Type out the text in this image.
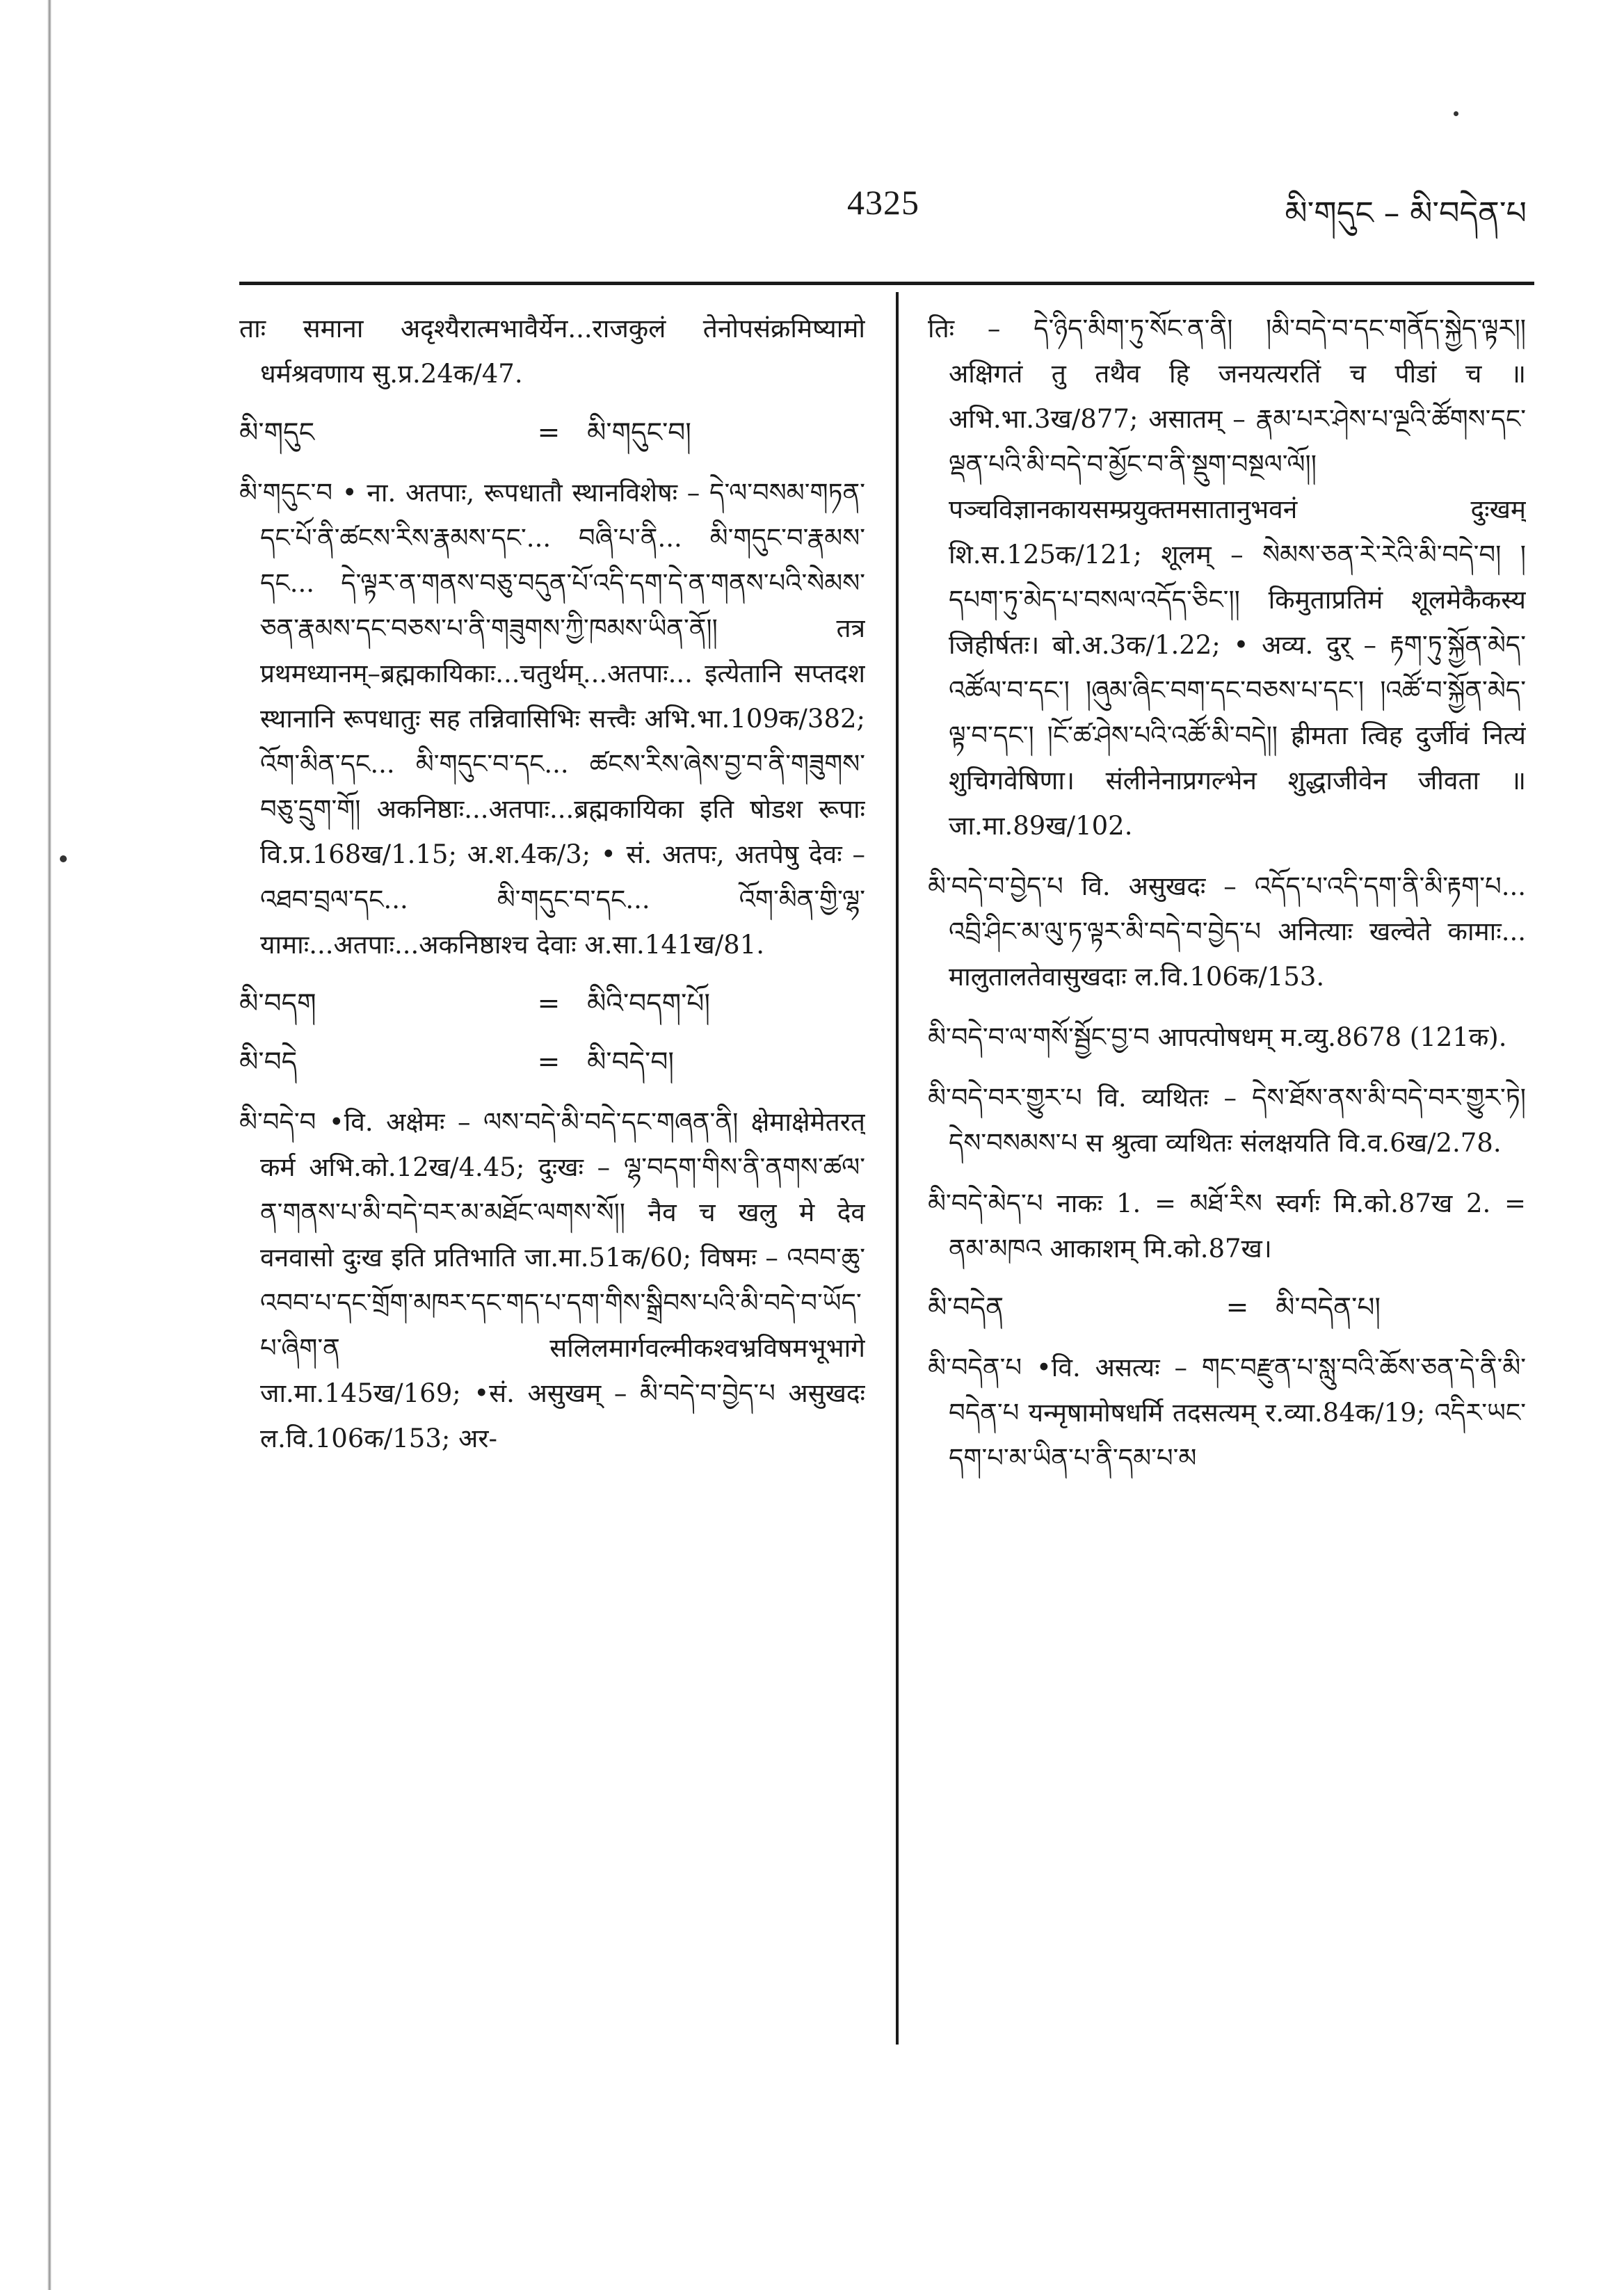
4325	མི་གདུང – མི་བདེན་པ

ताः समाना अदृश्यैरात्मभावैर्येन...राजकुलं तेनोपसंक्रमिष्यामो धर्मश्रवणाय सु.प्र.24क/47.

མི་གདུང	= མི་གདུང་བ།

མི་གདུང་བ • ना. अतपाः, रूपधातौ स्थानविशेषः – དེ་ལ་བསམ་གཏན་དང་པོ་ནི་ཚངས་རིས་རྣམས་དང་... བཞི་པ་ནི... མི་གདུང་བ་རྣམས་དང... དེ་ལྟར་ན་གནས་བཅུ་བདུན་པོ་འདི་དག་དེ་ན་གནས་པའི་སེམས་ཅན་རྣམས་དང་བཅས་པ་ནི་གཟུགས་ཀྱི་ཁམས་ཡིན་ནོ།། तत्र प्रथमध्यानम्–ब्रह्मकायिकाः...चतुर्थम्...अतपाः... इत्येतानि सप्तदश स्थानानि रूपधातुः सह तन्निवासिभिः सत्त्वैः अभि.भा.109क/382; འོག་མིན་དང... མི་གདུང་བ་དང... ཚངས་རིས་ཞེས་བྱ་བ་ནི་གཟུགས་བཅུ་དྲུག་གོ། अकनिष्ठाः...अतपाः...ब्रह्मकायिका इति षोडश रूपाः वि.प्र.168ख/1.15; अ.श.4क/3; • सं. अतपः, अतपेषु देवः – འཐབ་བྲལ་དང... མི་གདུང་བ་དང... འོག་མིན་གྱི་ལྷ་ यामाः...अतपाः...अकनिष्ठाश्च देवाः अ.सा.141ख/81.

མི་བདག	= མིའི་བདག་པོ།
མི་བདེ	= མི་བདེ་བ།

མི་བདེ་བ •वि. अक्षेमः – ལས་བདེ་མི་བདེ་དང་གཞན་ནི། क्षेमाक्षेमेतरत् कर्म अभि.को.12ख/4.45; दुःखः – ལྷ་བདག་གིས་ནི་ནགས་ཚལ་ན་གནས་པ་མི་བདེ་བར་མ་མཐོང་ལགས་སོ།། नैव च खलु मे देव वनवासो दुःख इति प्रतिभाति जा.मा.51क/60; विषमः – འབབ་ཆུ་འབབ་པ་དང་གྲོག་མཁར་དང་གད་པ་དག་གིས་སྒྲིབས་པའི་མི་བདེ་བ་ཡོད་པ་ཞིག་ན सलिलमार्गवल्मीकश्वभ्रविषमभूभागे जा.मा.145ख/169; •सं. असुखम् – མི་བདེ་བ་བྱེད་པ असुखदः ल.वि.106क/153; अर-

तिः – དེ་ཉིད་མིག་ཏུ་སོང་ན་ནི། །མི་བདེ་བ་དང་གནོད་སྐྱེད་ལྟར།། अक्षिगतं तु तथैव हि जनयत्यरतिं च पीडां च ॥ अभि.भा.3ख/877; असातम् – རྣམ་པར་ཤེས་པ་ལྔའི་ཚོགས་དང་ལྡན་པའི་མི་བདེ་བ་མྱོང་བ་ནི་སྡུག་བསྔལ་ལོ།། पञ्चविज्ञानकायसम्प्रयुक्तमसातानुभवनं दुःखम् शि.स.125क/121; शूलम् – སེམས་ཅན་རེ་རེའི་མི་བདེ་བ། །དཔག་ཏུ་མེད་པ་བསལ་འདོད་ཅིང་།། किमुताप्रतिमं शूलमेकैकस्य जिहीर्षतः। बो.अ.3क/1.22; • अव्य. दुर् – རྟག་ཏུ་སྐྱོན་མེད་འཚོལ་བ་དང་། །ཞུམ་ཞིང་བག་དང་བཅས་པ་དང་། །འཚོ་བ་སྐྱོན་མེད་ལྟ་བ་དང་། །ངོ་ཚ་ཤེས་པའི་འཚོ་མི་བདེ།། ह्रीमता त्विह दुर्जीवं नित्यं शुचिगवेषिणा। संलीनेनाप्रगल्भेन शुद्धाजीवेन जीवता ॥ जा.मा.89ख/102.

མི་བདེ་བ་བྱེད་པ वि. असुखदः – འདོད་པ་འདི་དག་ནི་མི་རྟག་པ... འབྲི་ཤིང་མ་ལུ་ཏ་ལྟར་མི་བདེ་བ་བྱེད་པ अनित्याः खल्वेते कामाः... मालुतालतेवासुखदाः ल.वि.106क/153.

མི་བདེ་བ་ལ་གསོ་སྦྱོང་བྱ་བ आपत्पोषधम् म.व्यु.8678 (121क).

མི་བདེ་བར་གྱུར་པ वि. व्यथितः – དེས་ཐོས་ནས་མི་བདེ་བར་གྱུར་ཏེ། དེས་བསམས་པ स श्रुत्वा व्यथितः संलक्षयति वि.व.6ख/2.78.

མི་བདེ་མེད་པ नाकः 1. = མཐོ་རིས स्वर्गः मि.को.87ख 2. = ནམ་མཁའ आकाशम् मि.को.87ख।

མི་བདེན	= མི་བདེན་པ།

མི་བདེན་པ •वि. असत्यः – གང་བརྫུན་པ་སླུ་བའི་ཆོས་ཅན་དེ་ནི་མི་བདེན་པ यन्मृषामोषधर्मि तदसत्यम् र.व्या.84क/19; འདིར་ཡང་དག་པ་མ་ཡིན་པ་ནི་དམ་པ་མ
